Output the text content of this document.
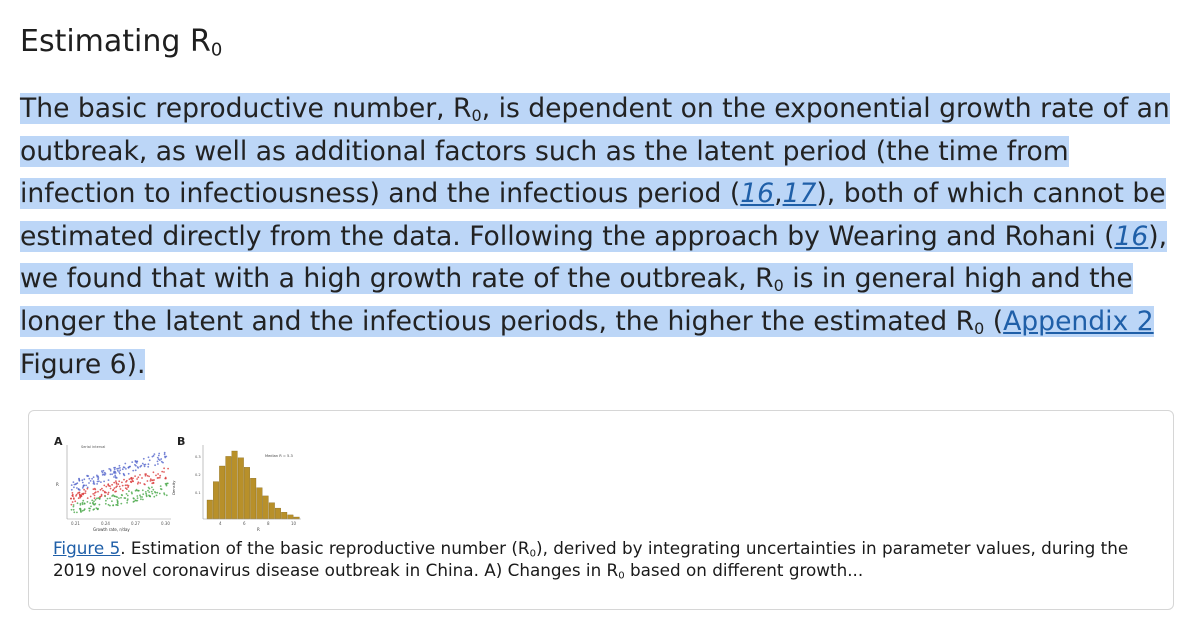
Estimating $R_0$

The basic reproductive number, $R_0$, is dependent on the exponential growth rate of an outbreak, as well as additional factors such as the latent period (the time from infection to infectiousness) and the infectious period (16,17), both of which cannot be estimated directly from the data. Following the approach by Wearing and Rohani (16), we found that with a high growth rate of the outbreak, $R_0$ is in general high and the longer the latent and the infectious periods, the higher the estimated $R_0$ (Appendix 2 Figure 6).

A	B
Serial interval
R	Density
0.21	0.24	0.27	0.30
Growth rate, r/day
4	6	8	10
R
0.3
0.2
0.1
Median R = 5.3

Figure 5. Estimation of the basic reproductive number $(R_0)$, derived by integrating uncertainties in parameter values, during the 2019 novel coronavirus disease outbreak in China. A) Changes in $R_0$ based on different growth...
